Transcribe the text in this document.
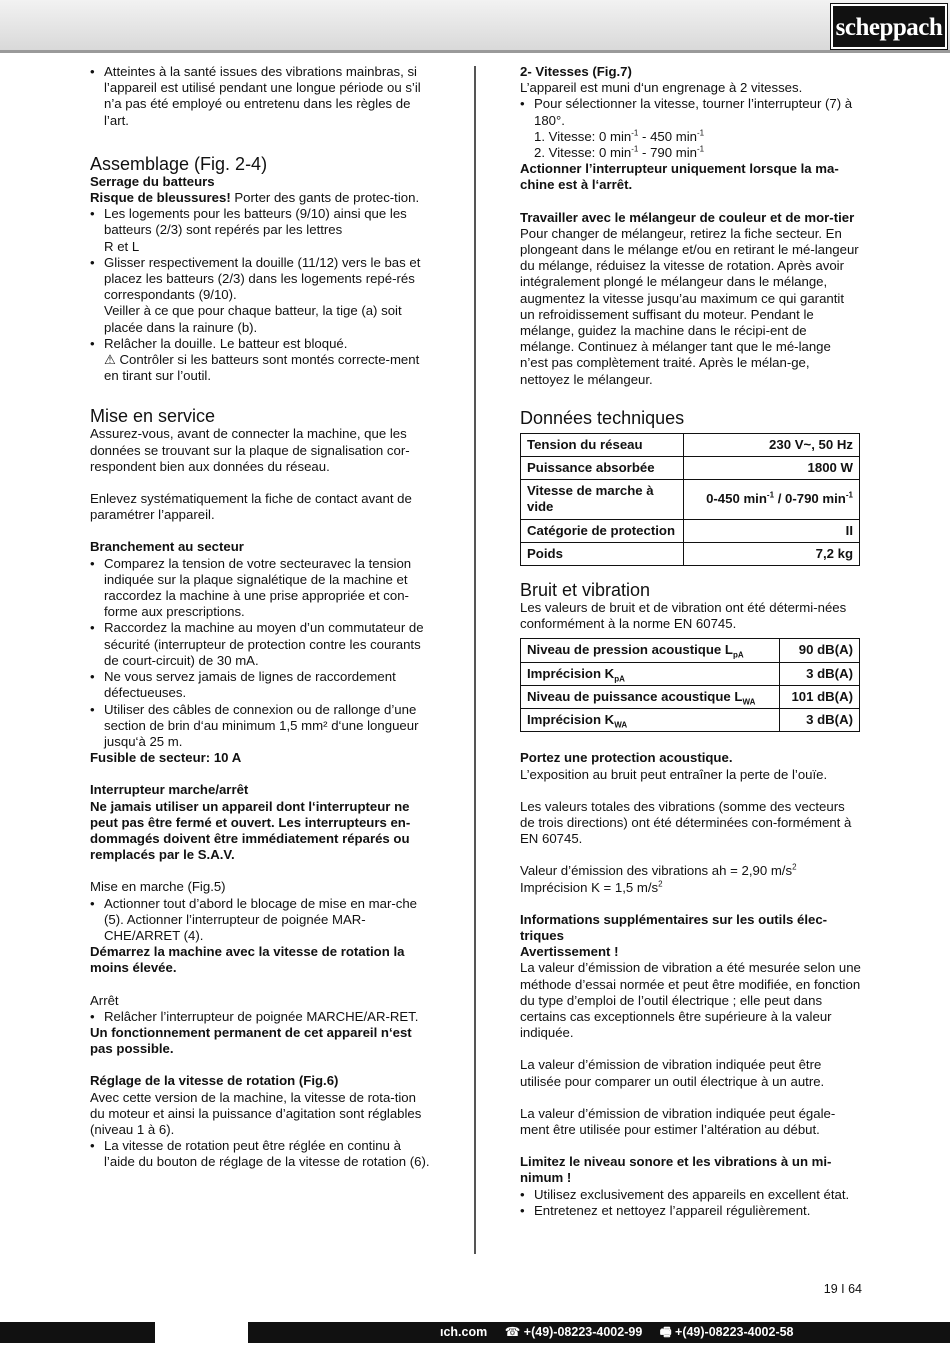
scheppach
• Atteintes à la santé issues des vibrations mainbras, si l’appareil est utilisé pendant une longue période ou s’il n’a pas été employé ou entretenu dans les règles de l’art.
Assemblage (Fig. 2-4)

Serrage du batteurs

Risque de bleussures! Porter des gants de protec-tion.

• Les logements pour les batteurs (9/10) ainsi que les batteurs (2/3) sont repérés par les lettres
R et L
• Glisser respectivement la douille (11/12) vers le bas et placez les batteurs (2/3) dans les logements repé-rés correspondants (9/10).
Veiller à ce que pour chaque batteur, la tige (a) soit placée dans la rainure (b).
• Relâcher la douille. Le batteur est bloqué.
⚠ Contrôler si les batteurs sont montés correcte-ment en tirant sur l’outil.
Mise en service

Assurez-vous, avant de connecter la machine, que les données se trouvant sur la plaque de signalisation cor-respondent bien aux données du réseau.

Enlevez systématiquement la fiche de contact avant de paramétrer l’appareil.

Branchement au secteur

• Comparez la tension de votre secteuravec la tension indiquée sur la plaque signalétique de la machine et raccordez la machine à une prise appropriée et con-forme aux prescriptions.
• Raccordez la machine au moyen d’un commutateur de sécurité (interrupteur de protection contre les courants de court-circuit) de 30 mA.
• Ne vous servez jamais de lignes de raccordement défectueuses.
• Utiliser des câbles de connexion ou de rallonge d’une section de brin d‘au minimum 1,5 mm² d‘une longueur jusqu‘à 25 m.

Fusible de secteur: 10 A

Interrupteur marche/arrêt

Ne jamais utiliser un appareil dont l‘interrupteur ne peut pas être fermé et ouvert. Les interrupteurs en-dommagés doivent être immédiatement réparés ou remplacés par le S.A.V.

Mise en marche (Fig.5)

• Actionner tout d’abord le blocage de mise en mar-che (5). Actionner l’interrupteur de poignée MAR-CHE/ARRET (4).

Démarrez la machine avec la vitesse de rotation la moins élevée.

Arrêt

• Relâcher l’interrupteur de poignée MARCHE/AR-RET.

Un fonctionnement permanent de cet appareil n‘est pas possible.

Réglage de la vitesse de rotation (Fig.6)

Avec cette version de la machine, la vitesse de rota-tion du moteur et ainsi la puissance d’agitation sont réglables (niveau 1 à 6).

• La vitesse de rotation peut être réglée en continu à l’aide du bouton de réglage de la vitesse de rotation (6).

2- Vitesses (Fig.7)

L’appareil est muni d‘un engrenage à 2 vitesses.

• Pour sélectionner la vitesse, tourner l’interrupteur (7) à 180°.

1. Vitesse: 0 $\min^{-1} - 450$ $\min^{-1}$

2. Vitesse: 0 $\min^{-1} - 790$ $\min^{-1}$

Actionner l’interrupteur uniquement lorsque la ma-chine est à l‘arrêt.

Travailler avec le mélangeur de couleur et de mor-tier

Pour changer de mélangeur, retirez la fiche secteur. En plongeant dans le mélange et/ou en retirant le mé-langeur du mélange, réduisez la vitesse de rotation. Après avoir intégralement plongé le mélangeur dans le mélange, augmentez la vitesse jusqu’au maximum ce qui garantit un refroidissement suffisant du moteur. Pendant le mélange, guidez la machine dans le récipi-ent de mélange. Continuez à mélanger tant que le mé-lange n’est pas complètement traité. Après le mélan-ge, nettoyez le mélangeur.

Données techniques
Tension du réseau	230 V~, 50 Hz
Puissance absorbée	1800 W
Vitesse de marche à vide	0-450 $\min^{-1} / 0-790$ $\min^{-1}$
Catégorie de protection	II
Poids	7,2 kg
Bruit et vibration

Les valeurs de bruit et de vibration ont été détermi-nées conformément à la norme EN 60745.

Niveau de pression acoustique $L_{pA}$	90 dB(A)
Imprécision $K_{pA}$	3 dB(A)
Niveau de puissance acoustique $L_{WA}$	101 dB(A)
Imprécision $K_{WA}$	3 dB(A)

Portez une protection acoustique.

L’exposition au bruit peut entraîner la perte de l’ouïe.

Les valeurs totales des vibrations (somme des vecteurs de trois directions) ont été déterminées con-formément à EN 60745.

Valeur d’émission des vibrations ah = 2,90 $m/s^2$

Imprécision K = 1,5 $m/s^2$

Informations supplémentaires sur les outils élec-triques

Avertissement !

La valeur d’émission de vibration a été mesurée selon une méthode d’essai normée et peut être modifiée, en fonction du type d’emploi de l’outil électrique ; elle peut dans certains cas exceptionnels être supérieure à la valeur indiquée.

La valeur d’émission de vibration indiquée peut être utilisée pour comparer un outil électrique à un autre.

La valeur d’émission de vibration indiquée peut égale-ment être utilisée pour estimer l’altération au début.

Limitez le niveau sonore et les vibrations à un mi-nimum !

• Utilisez exclusivement des appareils en excellent état.
• Entretenez et nettoyez l’appareil régulièrement.
19 I 64
ıch.com ☎ +(49)-08223-4002-99 🖷 +(49)-08223-4002-58
